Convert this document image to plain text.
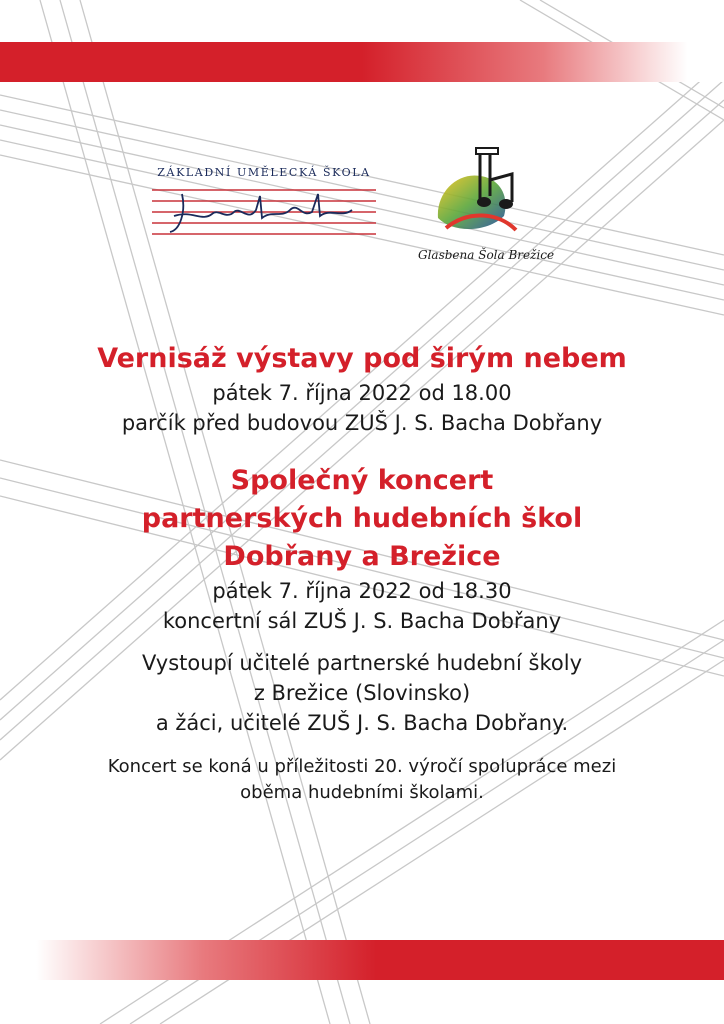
ZÁKLADNÍ UMĚLECKÁ ŠKOLA
Glasbena Šola Brežice

Vernisáž výstavy pod širým nebem

pátek 7. října 2022 od 18.00

parčík před budovou ZUŠ J. S. Bacha Dobřany

Společný koncert

partnerských hudebních škol

Dobřany a Brežice

pátek 7. října 2022 od 18.30

koncertní sál ZUŠ J. S. Bacha Dobřany

Vystoupí učitelé partnerské hudební školy

z Brežice (Slovinsko)

a žáci, učitelé ZUŠ J. S. Bacha Dobřany.

Koncert se koná u příležitosti 20. výročí spolupráce mezi

oběma hudebními školami.
